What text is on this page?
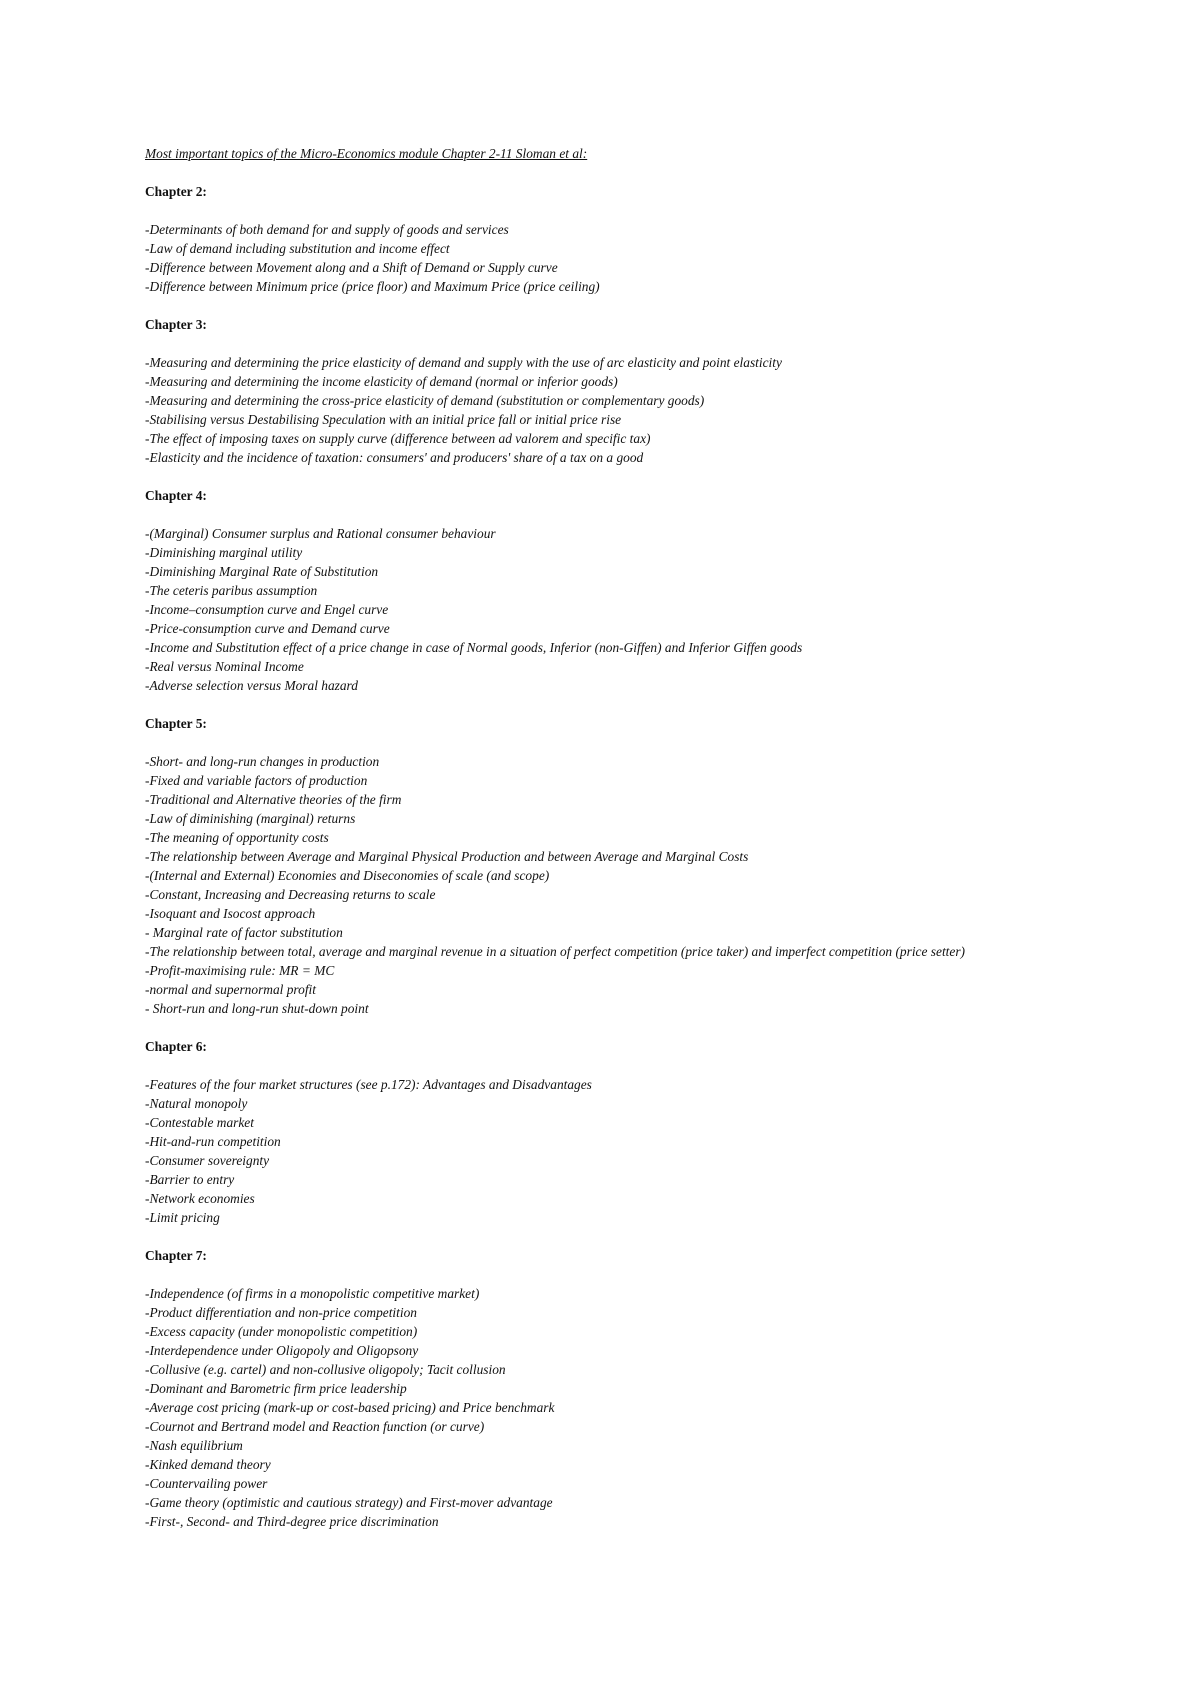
Most important topics of the Micro-Economics module Chapter 2-11 Sloman et al:

Chapter 2:

-Determinants of both demand for and supply of goods and services
-Law of demand including substitution and income effect
-Difference between Movement along and a Shift of Demand or Supply curve
-Difference between Minimum price (price floor) and Maximum Price (price ceiling)

Chapter 3:

-Measuring and determining the price elasticity of demand and supply with the use of arc elasticity and point elasticity
-Measuring and determining the income elasticity of demand (normal or inferior goods)
-Measuring and determining the cross-price elasticity of demand (substitution or complementary goods)
-Stabilising versus Destabilising Speculation with an initial price fall or initial price rise
-The effect of imposing taxes on supply curve (difference between ad valorem and specific tax)
-Elasticity and the incidence of taxation: consumers' and producers' share of a tax on a good

Chapter 4:

-(Marginal) Consumer surplus and Rational consumer behaviour
-Diminishing marginal utility
-Diminishing Marginal Rate of Substitution
-The ceteris paribus assumption
-Income–consumption curve and Engel curve
-Price-consumption curve and Demand curve
-Income and Substitution effect of a price change in case of Normal goods, Inferior (non-Giffen) and Inferior Giffen goods
-Real versus Nominal Income
-Adverse selection versus Moral hazard

Chapter 5:

-Short- and long-run changes in production
-Fixed and variable factors of production
-Traditional and Alternative theories of the firm
-Law of diminishing (marginal) returns
-The meaning of opportunity costs
-The relationship between Average and Marginal Physical Production and between Average and Marginal Costs
-(Internal and External) Economies and Diseconomies of scale (and scope)
-Constant, Increasing and Decreasing returns to scale
-Isoquant and Isocost approach
- Marginal rate of factor substitution
-The relationship between total, average and marginal revenue in a situation of perfect competition (price taker) and imperfect competition (price setter)
-Profit-maximising rule: MR = MC
-normal and supernormal profit
- Short-run and long-run shut-down point

Chapter 6:

-Features of the four market structures (see p.172): Advantages and Disadvantages
-Natural monopoly
-Contestable market
-Hit-and-run competition
-Consumer sovereignty
-Barrier to entry
-Network economies
-Limit pricing

Chapter 7:

-Independence (of firms in a monopolistic competitive market)
-Product differentiation and non-price competition
-Excess capacity (under monopolistic competition)
-Interdependence under Oligopoly and Oligopsony
-Collusive (e.g. cartel) and non-collusive oligopoly; Tacit collusion
-Dominant and Barometric firm price leadership
-Average cost pricing (mark-up or cost-based pricing) and Price benchmark
-Cournot and Bertrand model and Reaction function (or curve)
-Nash equilibrium
-Kinked demand theory
-Countervailing power
-Game theory (optimistic and cautious strategy) and First-mover advantage
-First-, Second- and Third-degree price discrimination
